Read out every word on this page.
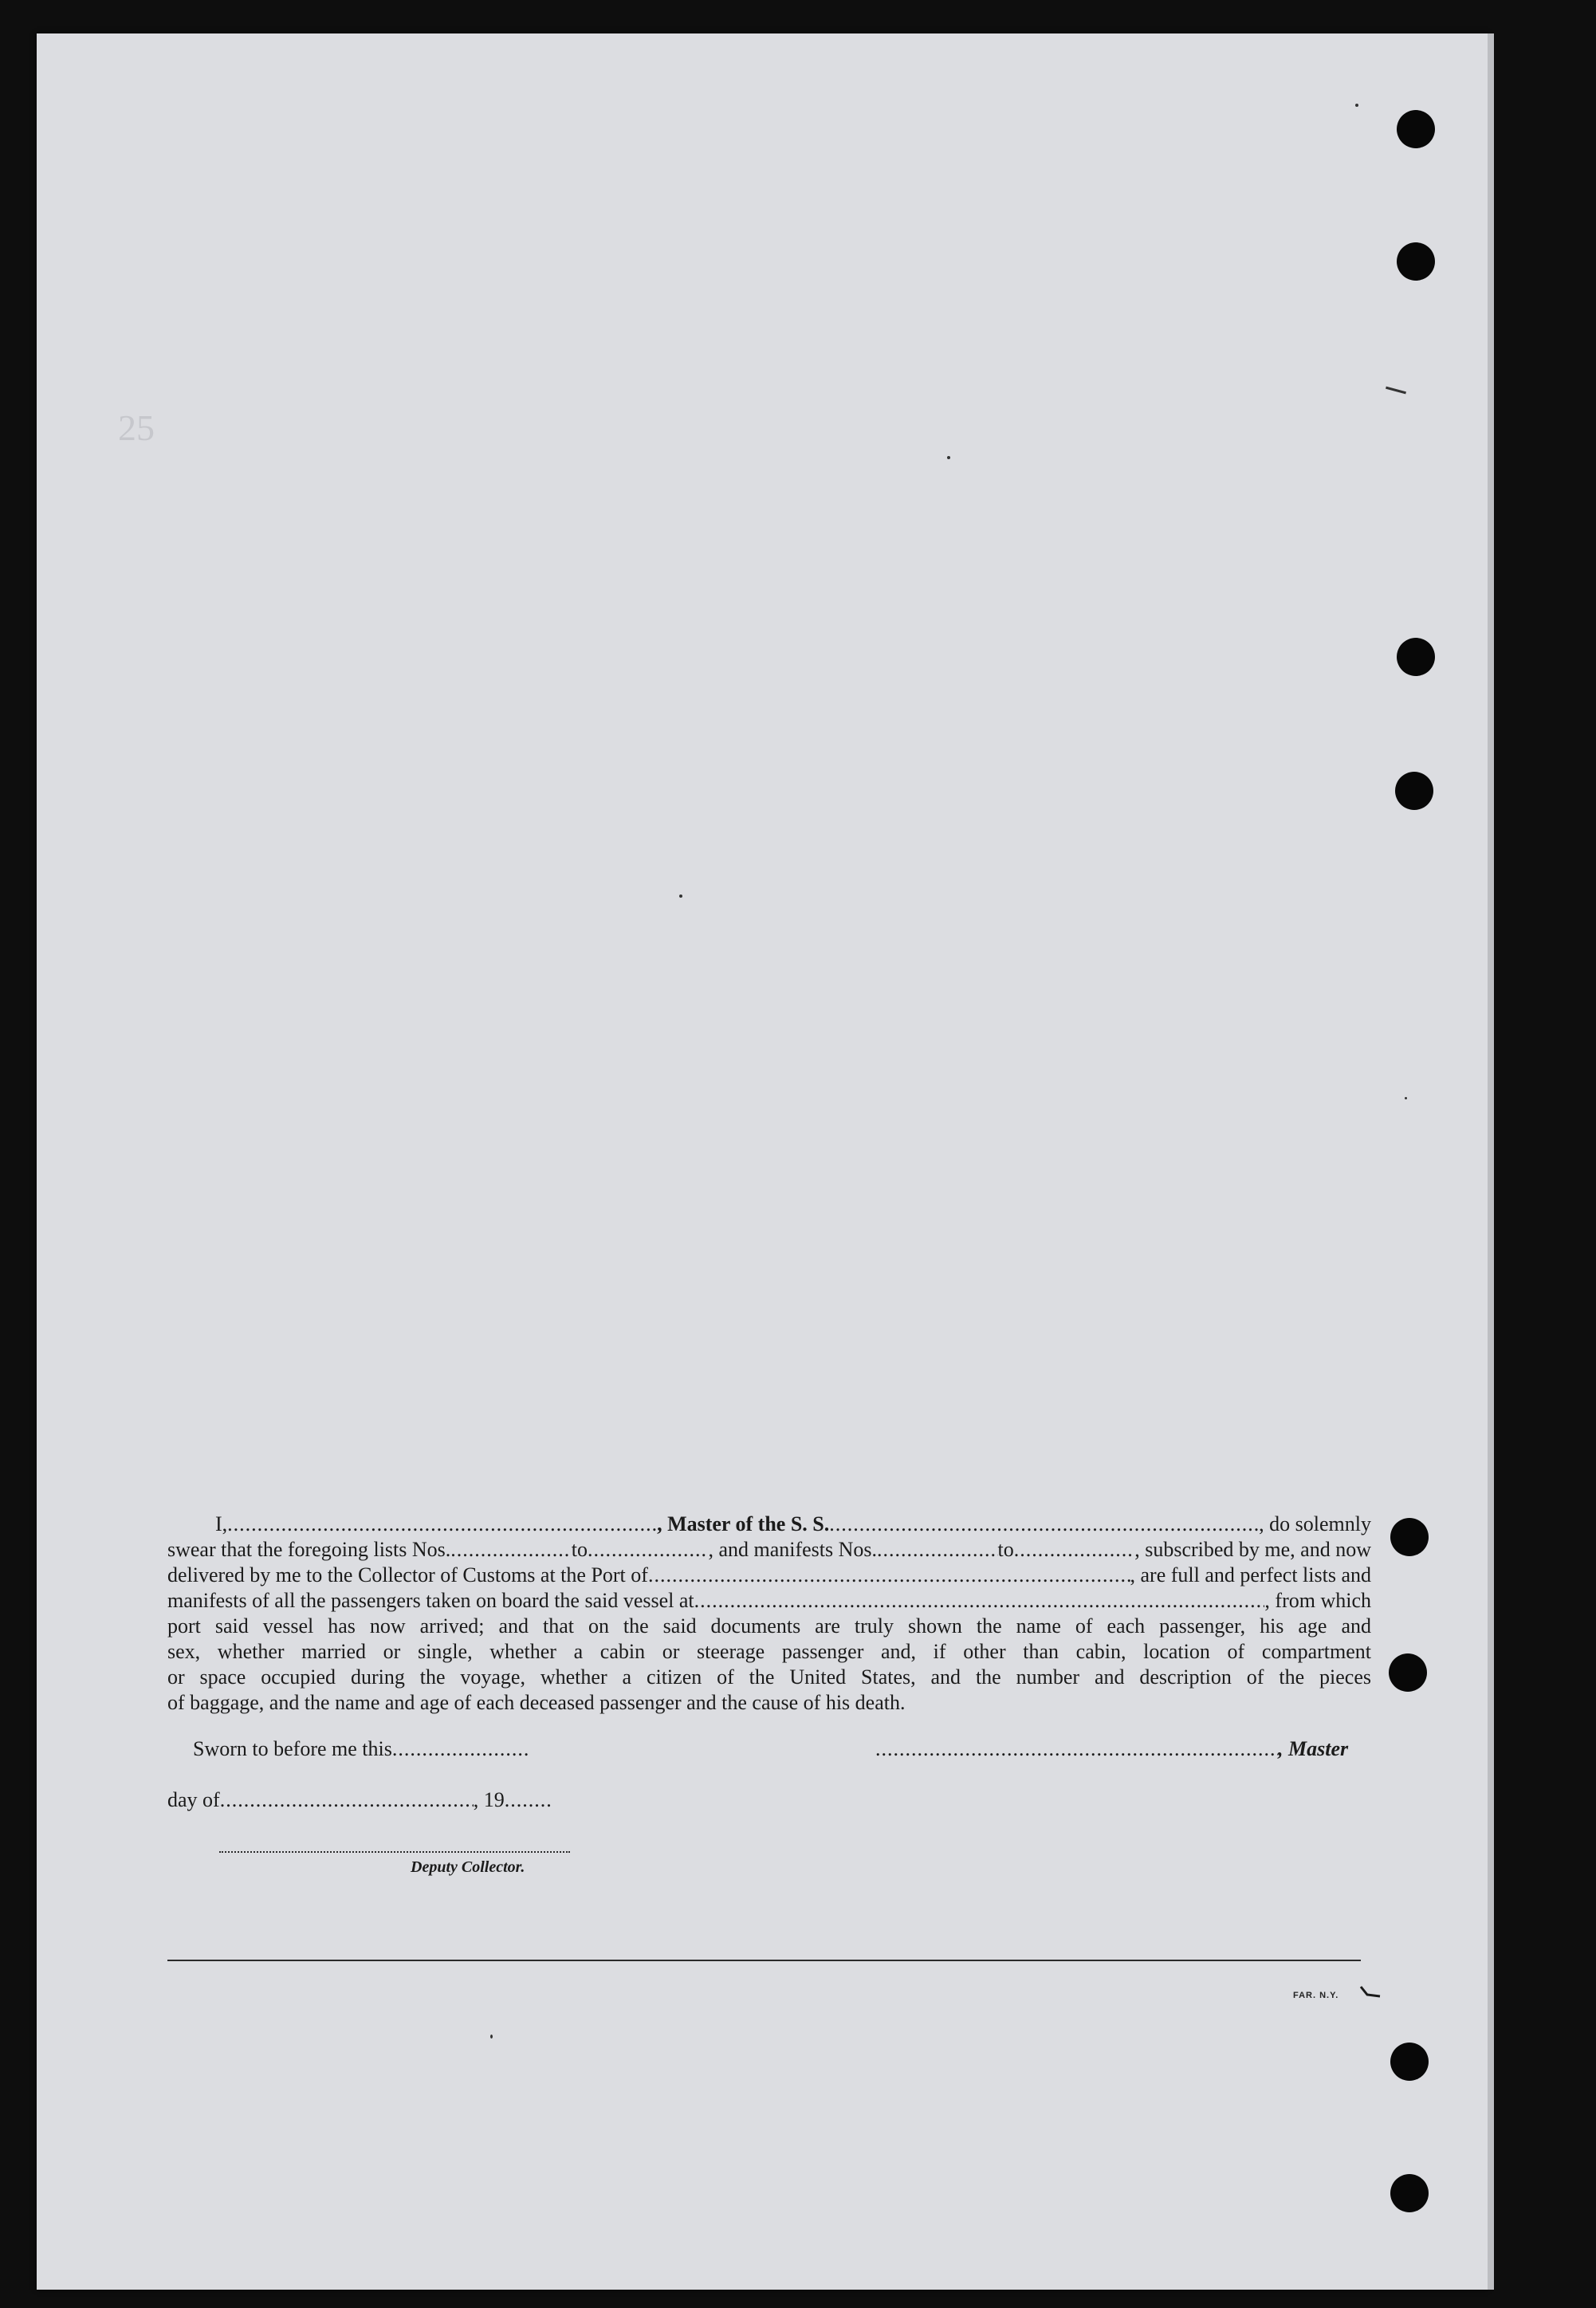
25
I, .....	, Master of the S. S. .....	, do solemnly
swear that the foregoing lists Nos. .....	to .....	, and manifests Nos. .....	to .....	, subscribed by me, and now
delivered by me to the Collector of Customs at the Port of .....	, are full and perfect lists and
manifests of all the passengers taken on board the said vessel at .....	, from which
port said vessel has now arrived; and that on the said documents are truly shown the name of each passenger, his age and
sex, whether married or single, whether a cabin or steerage passenger and, if other than cabin, location of compartment
or space occupied during the voyage, whether a citizen of the United States, and the number and description of the pieces
of baggage, and the name and age of each deceased passenger and the cause of his death.
Sworn to before me this ..... .....	, Master
day of .....	, 19
.....
Deputy Collector.
FAR. N.Y.
